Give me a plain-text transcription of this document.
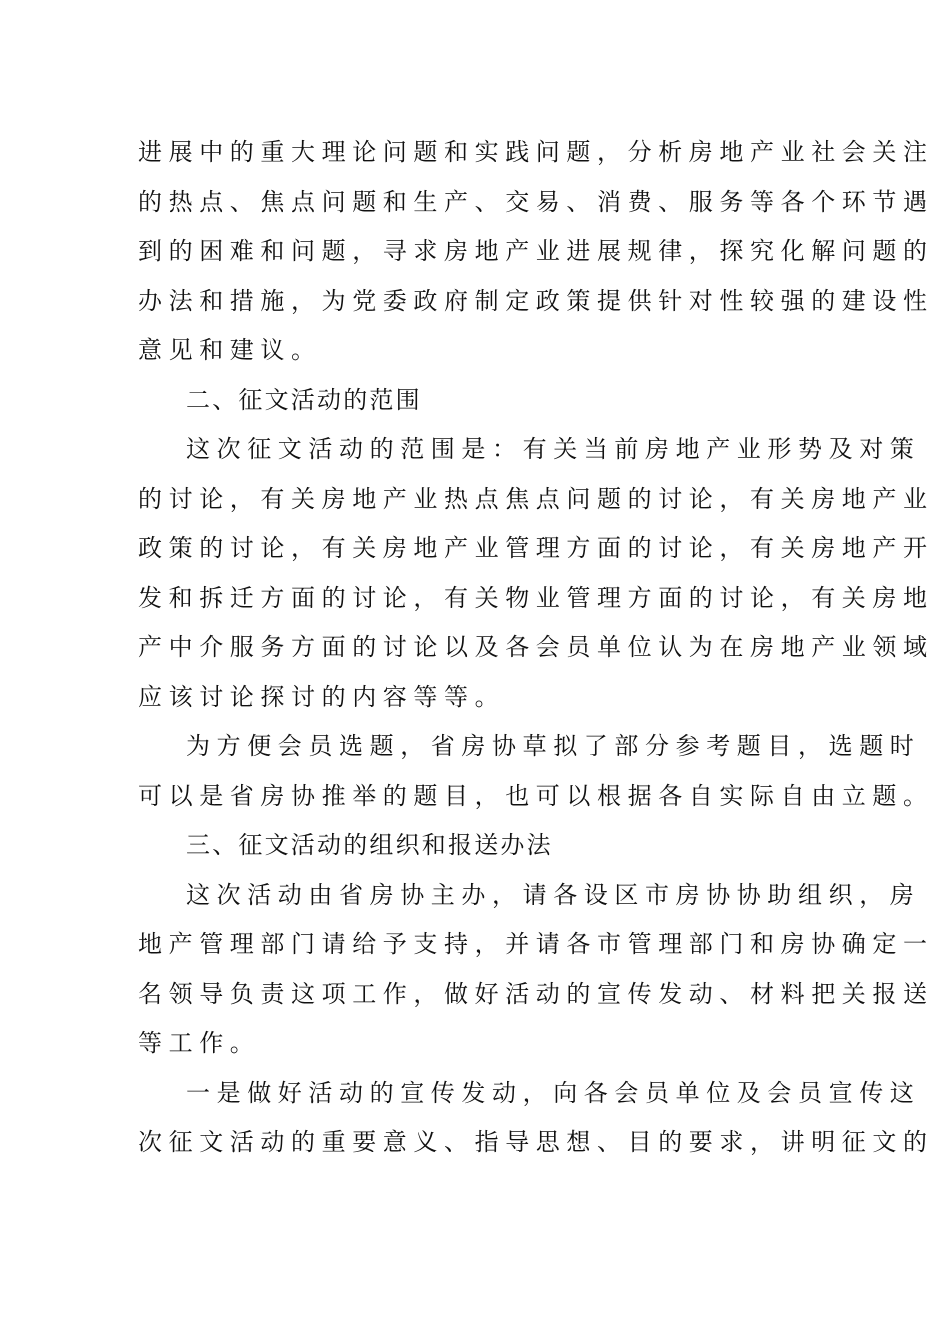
进展中的重大理论问题和实践问题，分析房地产业社会关注
的热点、焦点问题和生产、交易、消费、服务等各个环节遇
到的困难和问题，寻求房地产业进展规律，探究化解问题的
办法和措施，为党委政府制定政策提供针对性较强的建设性
意见和建议。
二、征文活动的范围
这次征文活动的范围是：有关当前房地产业形势及对策
的讨论，有关房地产业热点焦点问题的讨论，有关房地产业
政策的讨论，有关房地产业管理方面的讨论，有关房地产开
发和拆迁方面的讨论，有关物业管理方面的讨论，有关房地
产中介服务方面的讨论以及各会员单位认为在房地产业领域
应该讨论探讨的内容等等。
为方便会员选题，省房协草拟了部分参考题目，选题时
可以是省房协推举的题目，也可以根据各自实际自由立题。
三、征文活动的组织和报送办法
这次活动由省房协主办，请各设区市房协协助组织，房
地产管理部门请给予支持，并请各市管理部门和房协确定一
名领导负责这项工作，做好活动的宣传发动、材料把关报送
等工作。
一是做好活动的宣传发动，向各会员单位及会员宣传这
次征文活动的重要意义、指导思想、目的要求，讲明征文的
